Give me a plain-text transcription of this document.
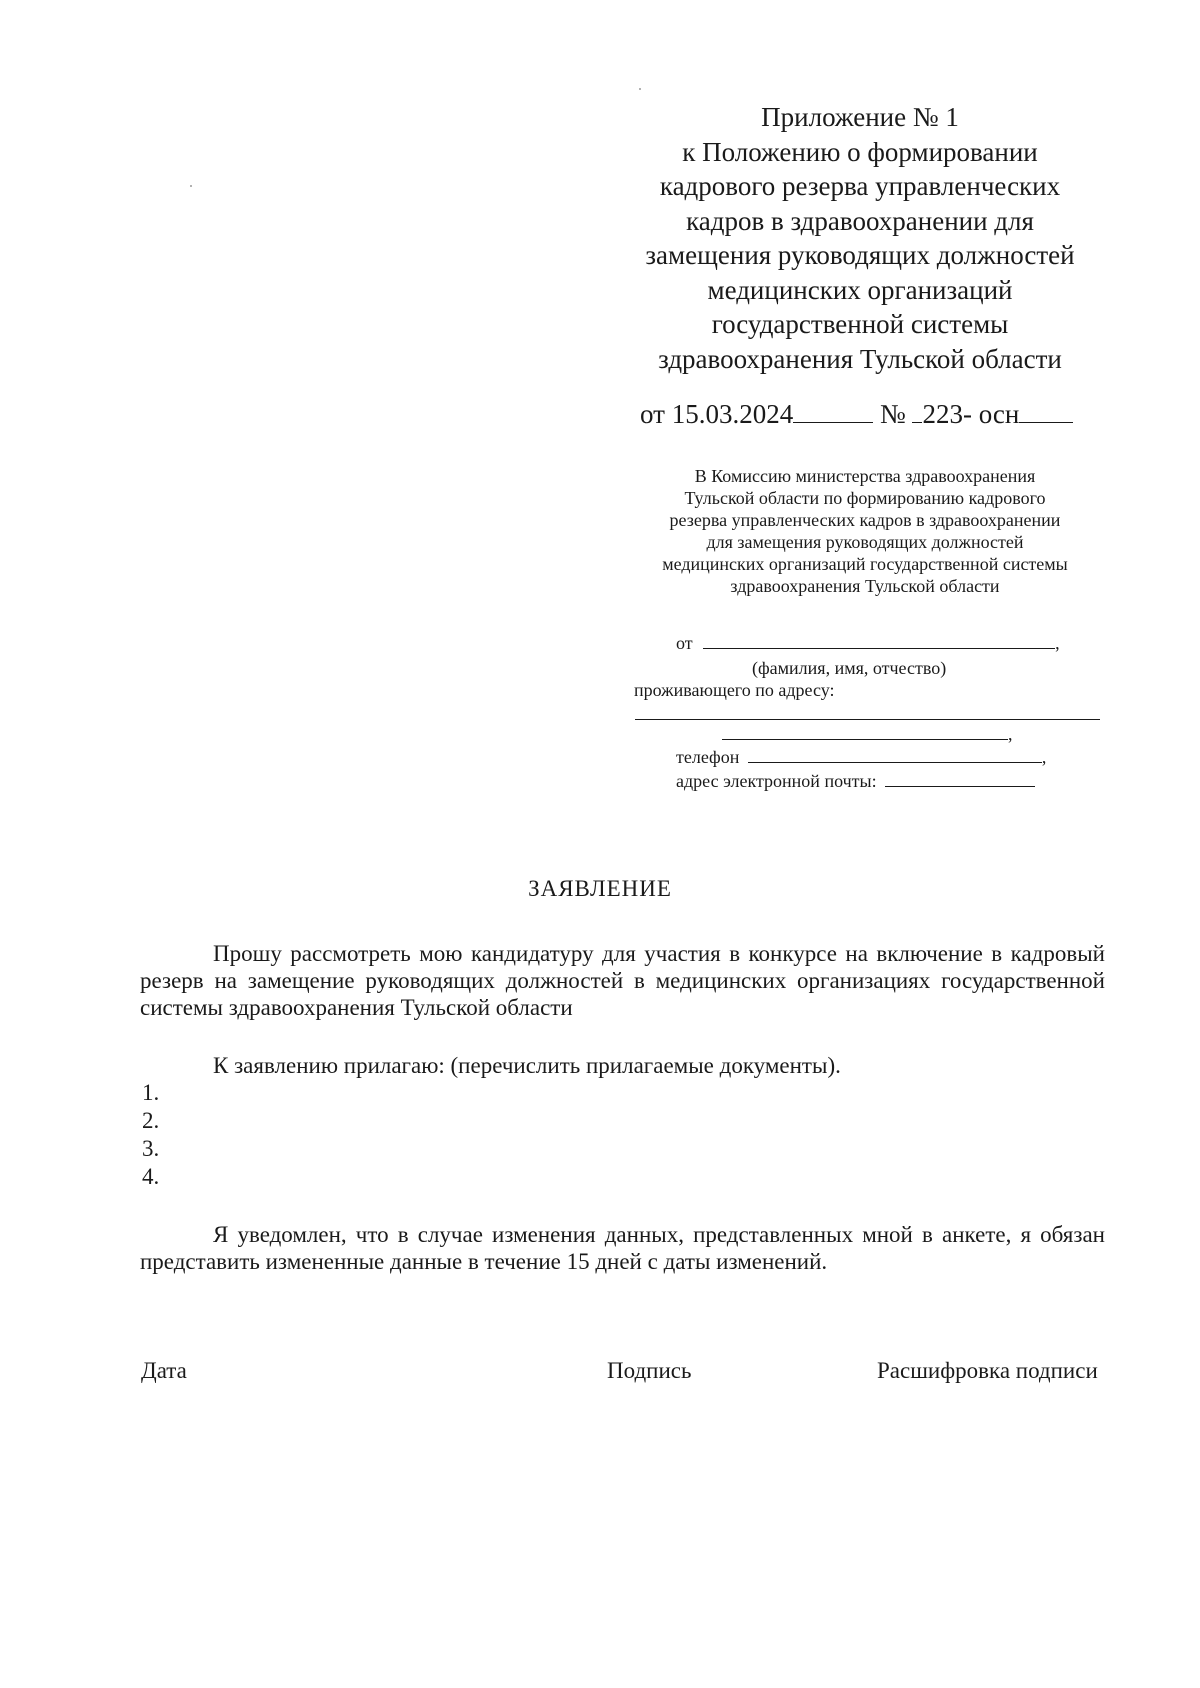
Приложение № 1
к Положению о формировании
кадрового резерва управленческих
кадров в здравоохранении для
замещения руководящих должностей
медицинских организаций
государственной системы
здравоохранения Тульской области
от 15.03.2024	№ 223- осн
В Комиссию министерства здравоохранения
Тульской области по формированию кадрового
резерва управленческих кадров в здравоохранении
для замещения руководящих должностей
медицинских организаций государственной системы
здравоохранения Тульской области
от	,
(фамилия, имя, отчество)
проживающего по адресу:
,
телефон	,
адрес электронной почты:
ЗАЯВЛЕНИЕ
Прошу рассмотреть мою кандидатуру для участия в конкурсе на включение в кадровый резерв на замещение руководящих должностей в медицинских организациях государственной системы здравоохранения Тульской области
К заявлению прилагаю: (перечислить прилагаемые документы).
1.
2.
3.
4.
Я уведомлен, что в случае изменения данных, представленных мной в анкете, я обязан представить измененные данные в течение 15 дней с даты изменений.
Дата	Подпись	Расшифровка подписи
